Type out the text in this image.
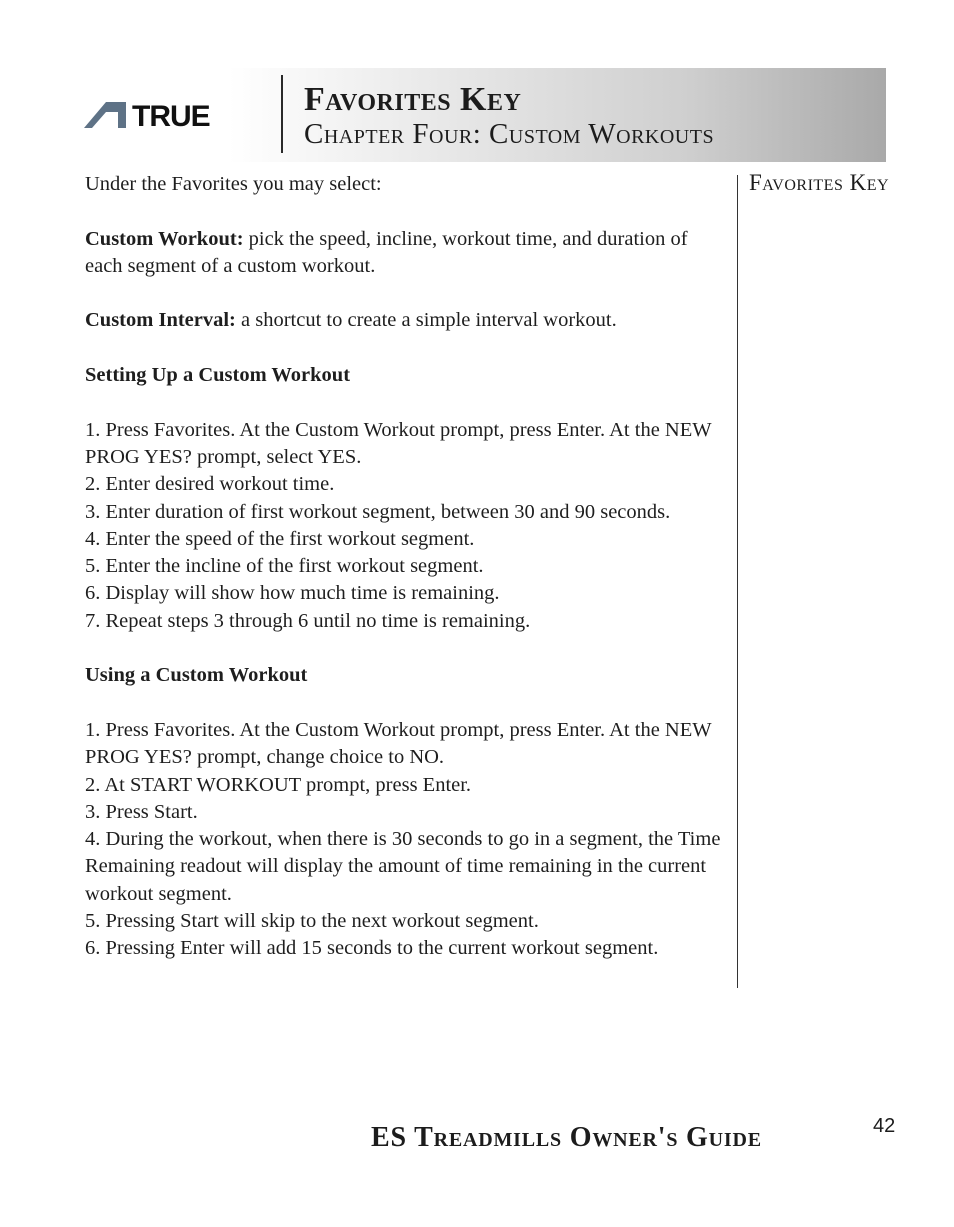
TRUE	Favorites Key
Chapter Four: Custom Workouts
Favorites Key

Under the Favorites you may select:

Custom Workout: pick the speed, incline, workout time, and duration of each segment of a custom workout.

Custom Interval: a shortcut to create a simple interval workout.

Setting Up a Custom Workout

1. Press Favorites. At the Custom Workout prompt, press Enter. At the NEW PROG YES? prompt, select YES.

2. Enter desired workout time.

3. Enter duration of first workout segment, between 30 and 90 seconds.

4. Enter the speed of the first workout segment.

5. Enter the incline of the first workout segment.

6. Display will show how much time is remaining.

7. Repeat steps 3 through 6 until no time is remaining.

Using a Custom Workout

1. Press Favorites. At the Custom Workout prompt, press Enter. At the NEW PROG YES? prompt, change choice to NO.

2. At START WORKOUT prompt, press Enter.

3. Press Start.

4. During the workout, when there is 30 seconds to go in a segment, the Time Remaining readout will display the amount of time remaining in the current workout segment.

5. Pressing Start will skip to the next workout segment.

6. Pressing Enter will add 15 seconds to the current workout segment.

ES Treadmills Owner's Guide	42
